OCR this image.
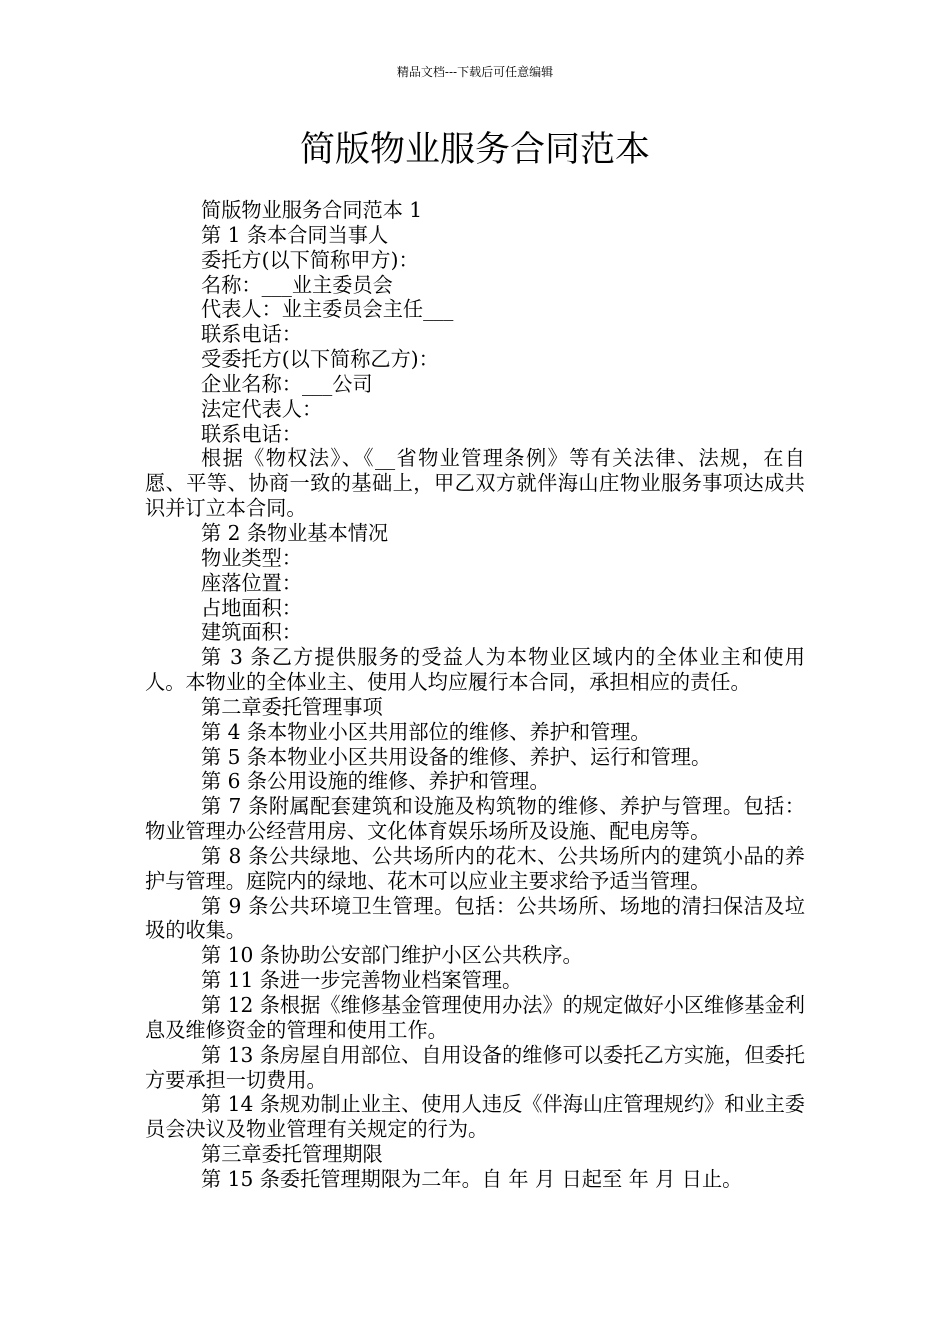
精品文档---下载后可任意编辑
简版物业服务合同范本

简版物业服务合同范本 1

第 1 条本合同当事人

委托方(以下简称甲方)：

名称：___业主委员会

代表人：业主委员会主任___

联系电话：

受委托方(以下简称乙方)：

企业名称：___公司

法定代表人：

联系电话：

根据《物权法》、《__省物业管理条例》等有关法律、法规，在自愿、平等、协商一致的基础上，甲乙双方就伴海山庄物业服务事项达成共识并订立本合同。

第 2 条物业基本情况

物业类型：

座落位置：

占地面积：

建筑面积：

第 3 条乙方提供服务的受益人为本物业区域内的全体业主和使用人。本物业的全体业主、使用人均应履行本合同，承担相应的责任。

第二章委托管理事项

第 4 条本物业小区共用部位的维修、养护和管理。

第 5 条本物业小区共用设备的维修、养护、运行和管理。

第 6 条公用设施的维修、养护和管理。

第 7 条附属配套建筑和设施及构筑物的维修、养护与管理。包括：物业管理办公经营用房、文化体育娱乐场所及设施、配电房等。

第 8 条公共绿地、公共场所内的花木、公共场所内的建筑小品的养护与管理。庭院内的绿地、花木可以应业主要求给予适当管理。

第 9 条公共环境卫生管理。包括：公共场所、场地的清扫保洁及垃圾的收集。

第 10 条协助公安部门维护小区公共秩序。

第 11 条进一步完善物业档案管理。

第 12 条根据《维修基金管理使用办法》的规定做好小区维修基金利息及维修资金的管理和使用工作。

第 13 条房屋自用部位、自用设备的维修可以委托乙方实施，但委托方要承担一切费用。

第 14 条规劝制止业主、使用人违反《伴海山庄管理规约》和业主委员会决议及物业管理有关规定的行为。

第三章委托管理期限

第 15 条委托管理期限为二年。自 年 月 日起至 年 月 日止。
